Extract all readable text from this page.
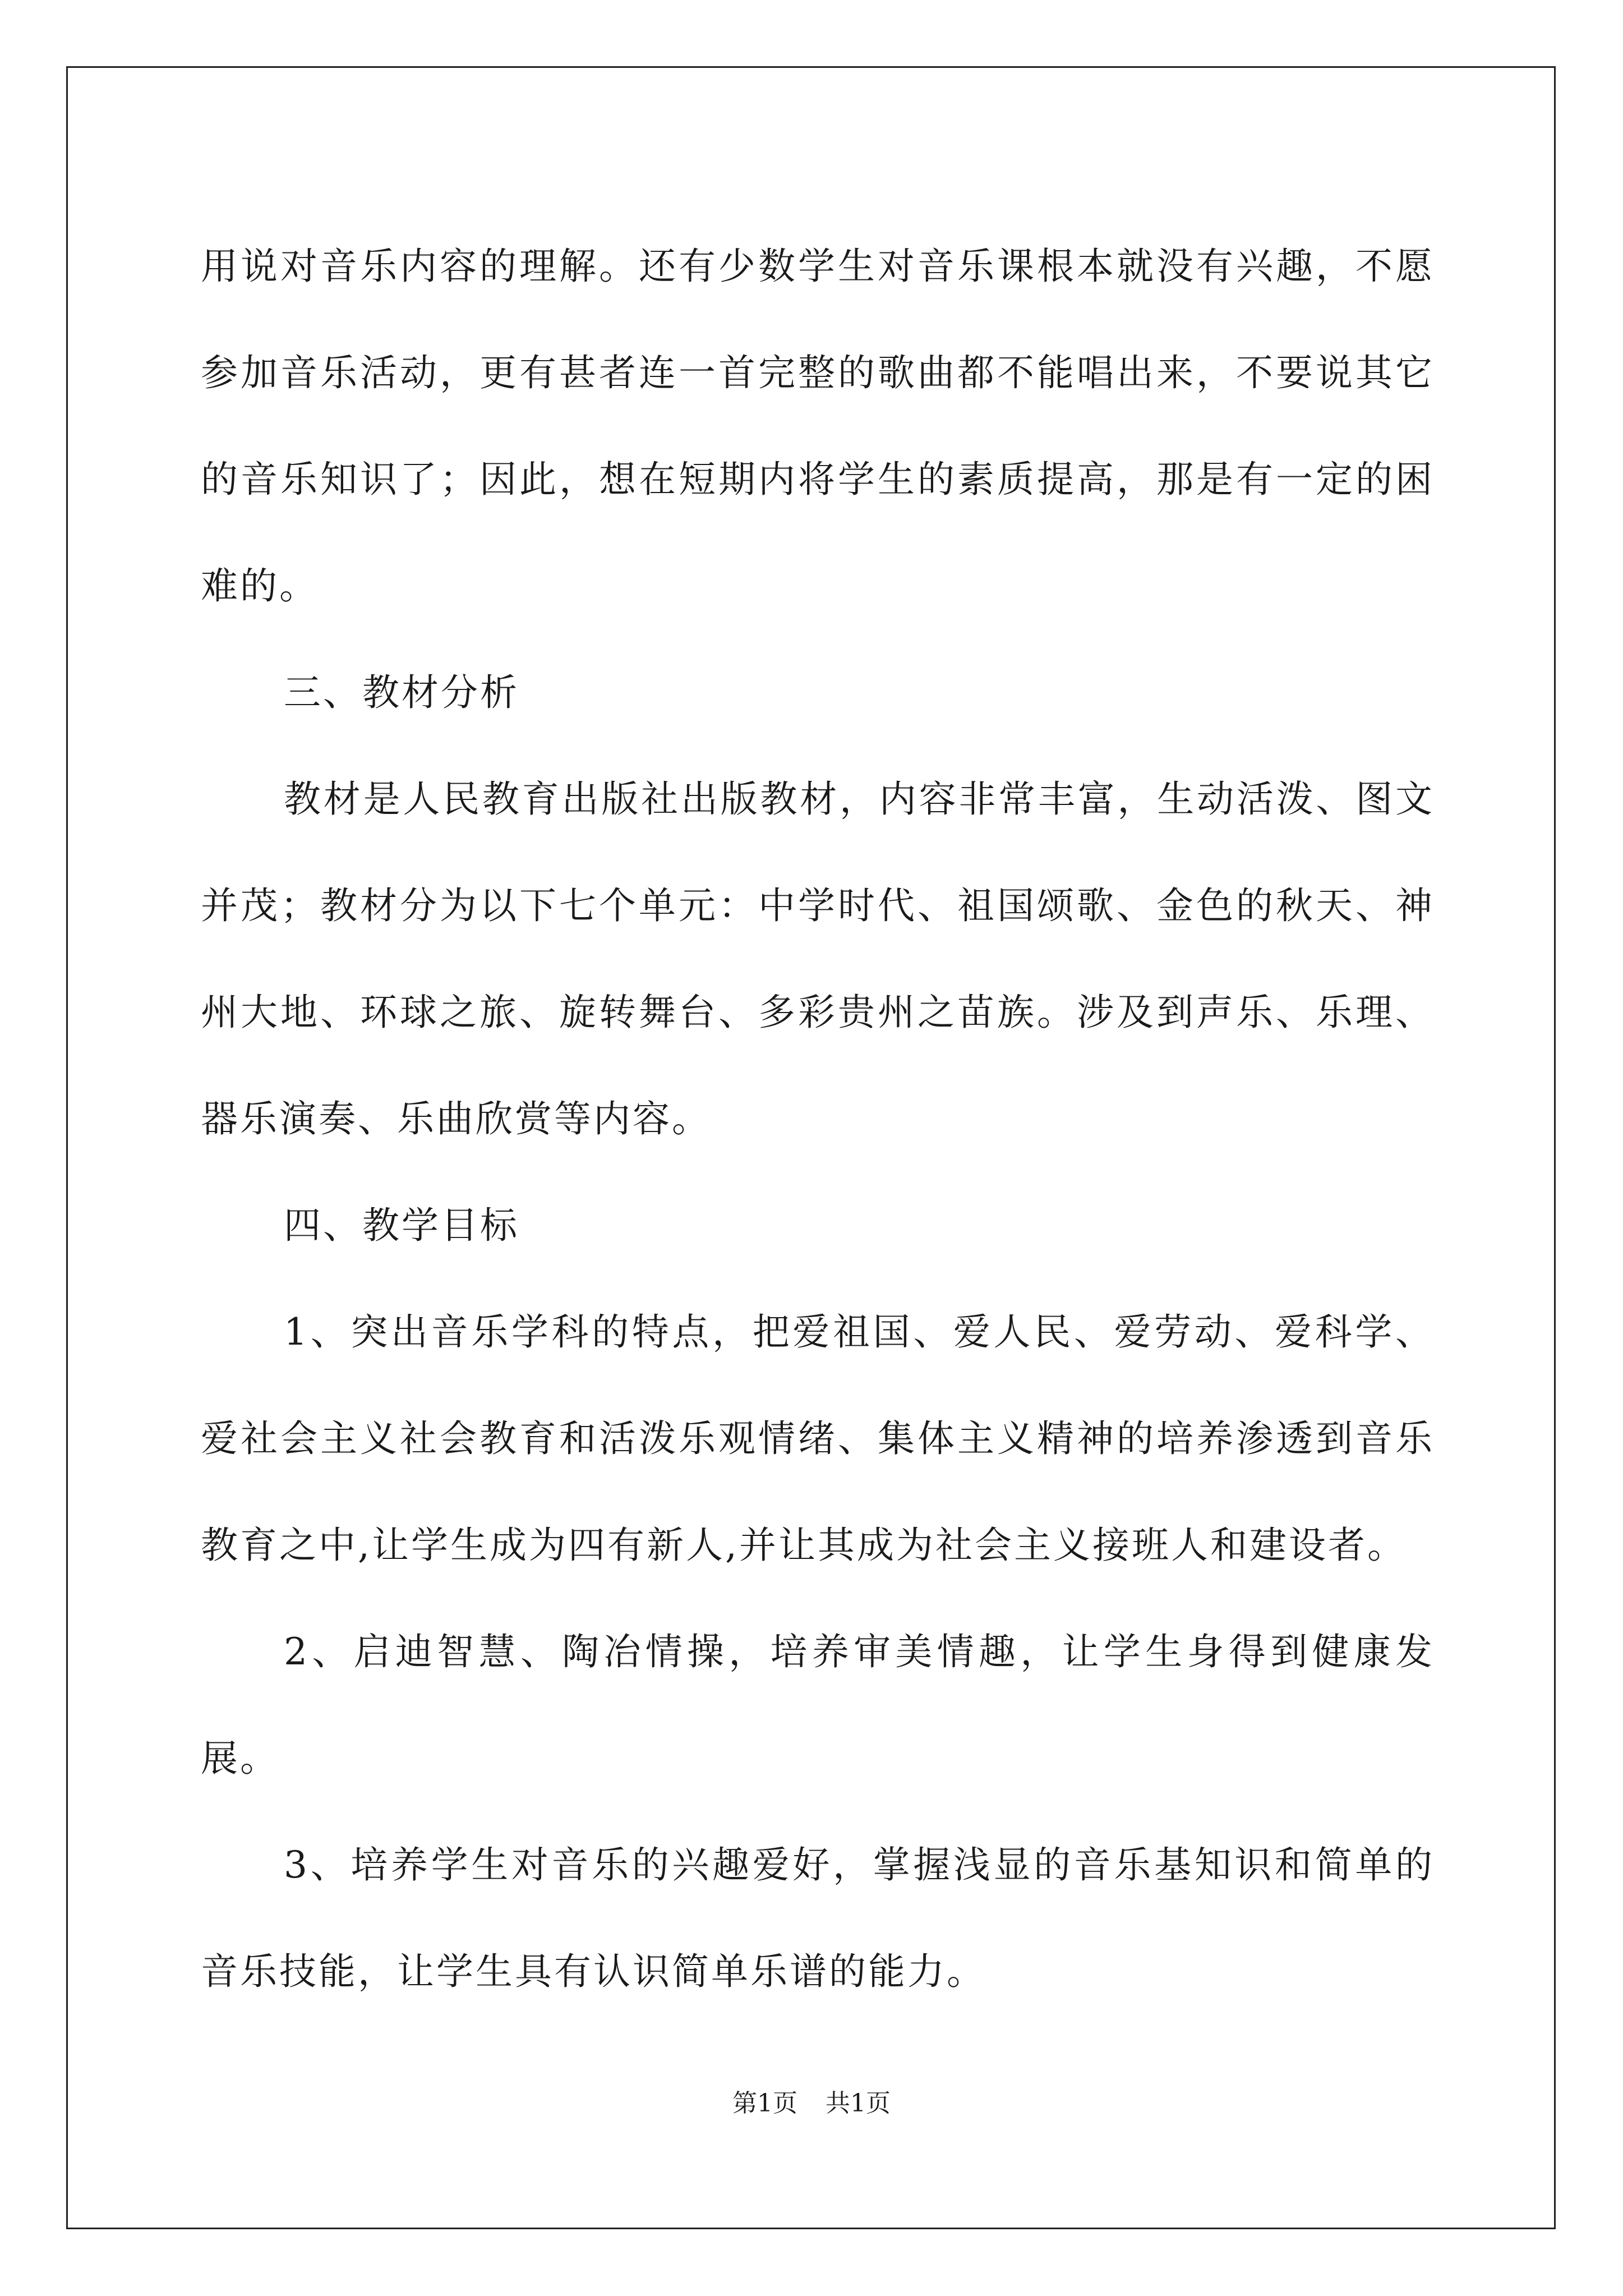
用说对音乐内容的理解。还有少数学生对音乐课根本就没有兴趣，不愿参加音乐活动，更有甚者连一首完整的歌曲都不能唱出来，不要说其它的音乐知识了；因此，想在短期内将学生的素质提高，那是有一定的困难的。

三、教材分析

教材是人民教育出版社出版教材，内容非常丰富，生动活泼、图文并茂；教材分为以下七个单元：中学时代、祖国颂歌、金色的秋天、神州大地、环球之旅、旋转舞台、多彩贵州之苗族。涉及到声乐、乐理、器乐演奏、乐曲欣赏等内容。

四、教学目标

1、突出音乐学科的特点，把爱祖国、爱人民、爱劳动、爱科学、爱社会主义社会教育和活泼乐观情绪、集体主义精神的培养渗透到音乐教育之中,让学生成为四有新人,并让其成为社会主义接班人和建设者。

2、启迪智慧、陶冶情操，培养审美情趣，让学生身得到健康发展。

3、培养学生对音乐的兴趣爱好，掌握浅显的音乐基知识和简单的音乐技能，让学生具有认识简单乐谱的能力。

第1页 共1页
